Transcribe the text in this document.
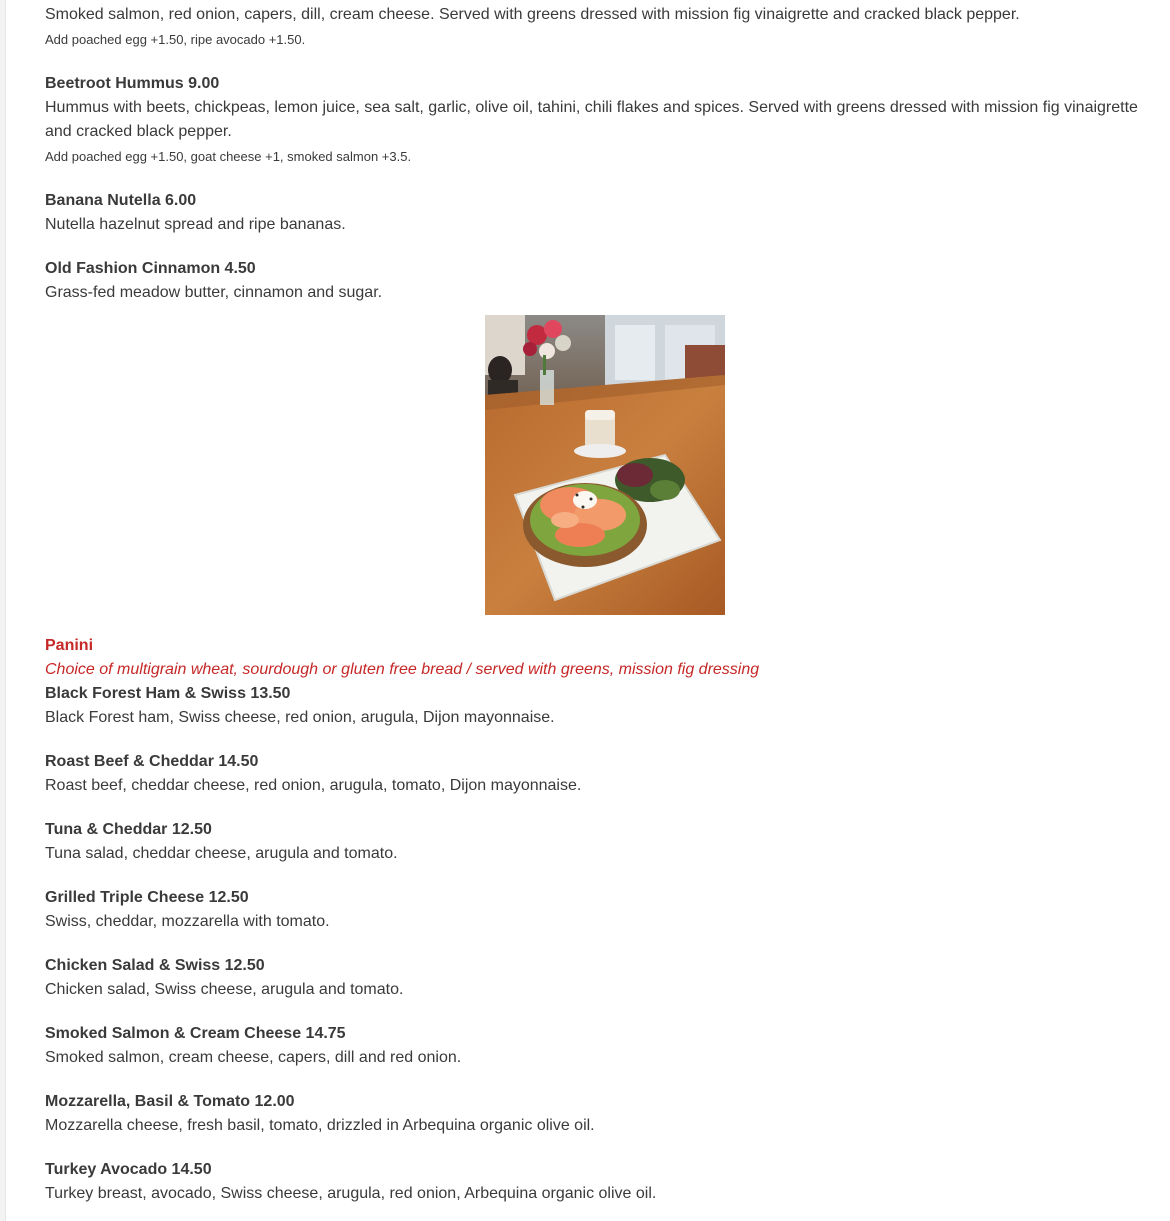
Smoked salmon, red onion, capers, dill, cream cheese. Served with greens dressed with mission fig vinaigrette and cracked black pepper.
Add poached egg +1.50, ripe avocado +1.50.
Beetroot Hummus 9.00
Hummus with beets, chickpeas, lemon juice, sea salt, garlic, olive oil, tahini, chili flakes and spices. Served with greens dressed with mission fig vinaigrette and cracked black pepper.
Add poached egg +1.50, goat cheese +1, smoked salmon +3.5.
Banana Nutella 6.00
Nutella hazelnut spread and ripe bananas.
Old Fashion Cinnamon 4.50
Grass-fed meadow butter, cinnamon and sugar.
Panini
Choice of multigrain wheat, sourdough or gluten free bread / served with greens, mission fig dressing
Black Forest Ham & Swiss 13.50
Black Forest ham, Swiss cheese, red onion, arugula, Dijon mayonnaise.
Roast Beef & Cheddar 14.50
Roast beef, cheddar cheese, red onion, arugula, tomato, Dijon mayonnaise.
Tuna & Cheddar 12.50
Tuna salad, cheddar cheese, arugula and tomato.
Grilled Triple Cheese 12.50
Swiss, cheddar, mozzarella with tomato.
Chicken Salad & Swiss 12.50
Chicken salad, Swiss cheese, arugula and tomato.
Smoked Salmon & Cream Cheese 14.75
Smoked salmon, cream cheese, capers, dill and red onion.
Mozzarella, Basil & Tomato 12.00
Mozzarella cheese, fresh basil, tomato, drizzled in Arbequina organic olive oil.
Turkey Avocado 14.50
Turkey breast, avocado, Swiss cheese, arugula, red onion, Arbequina organic olive oil.
